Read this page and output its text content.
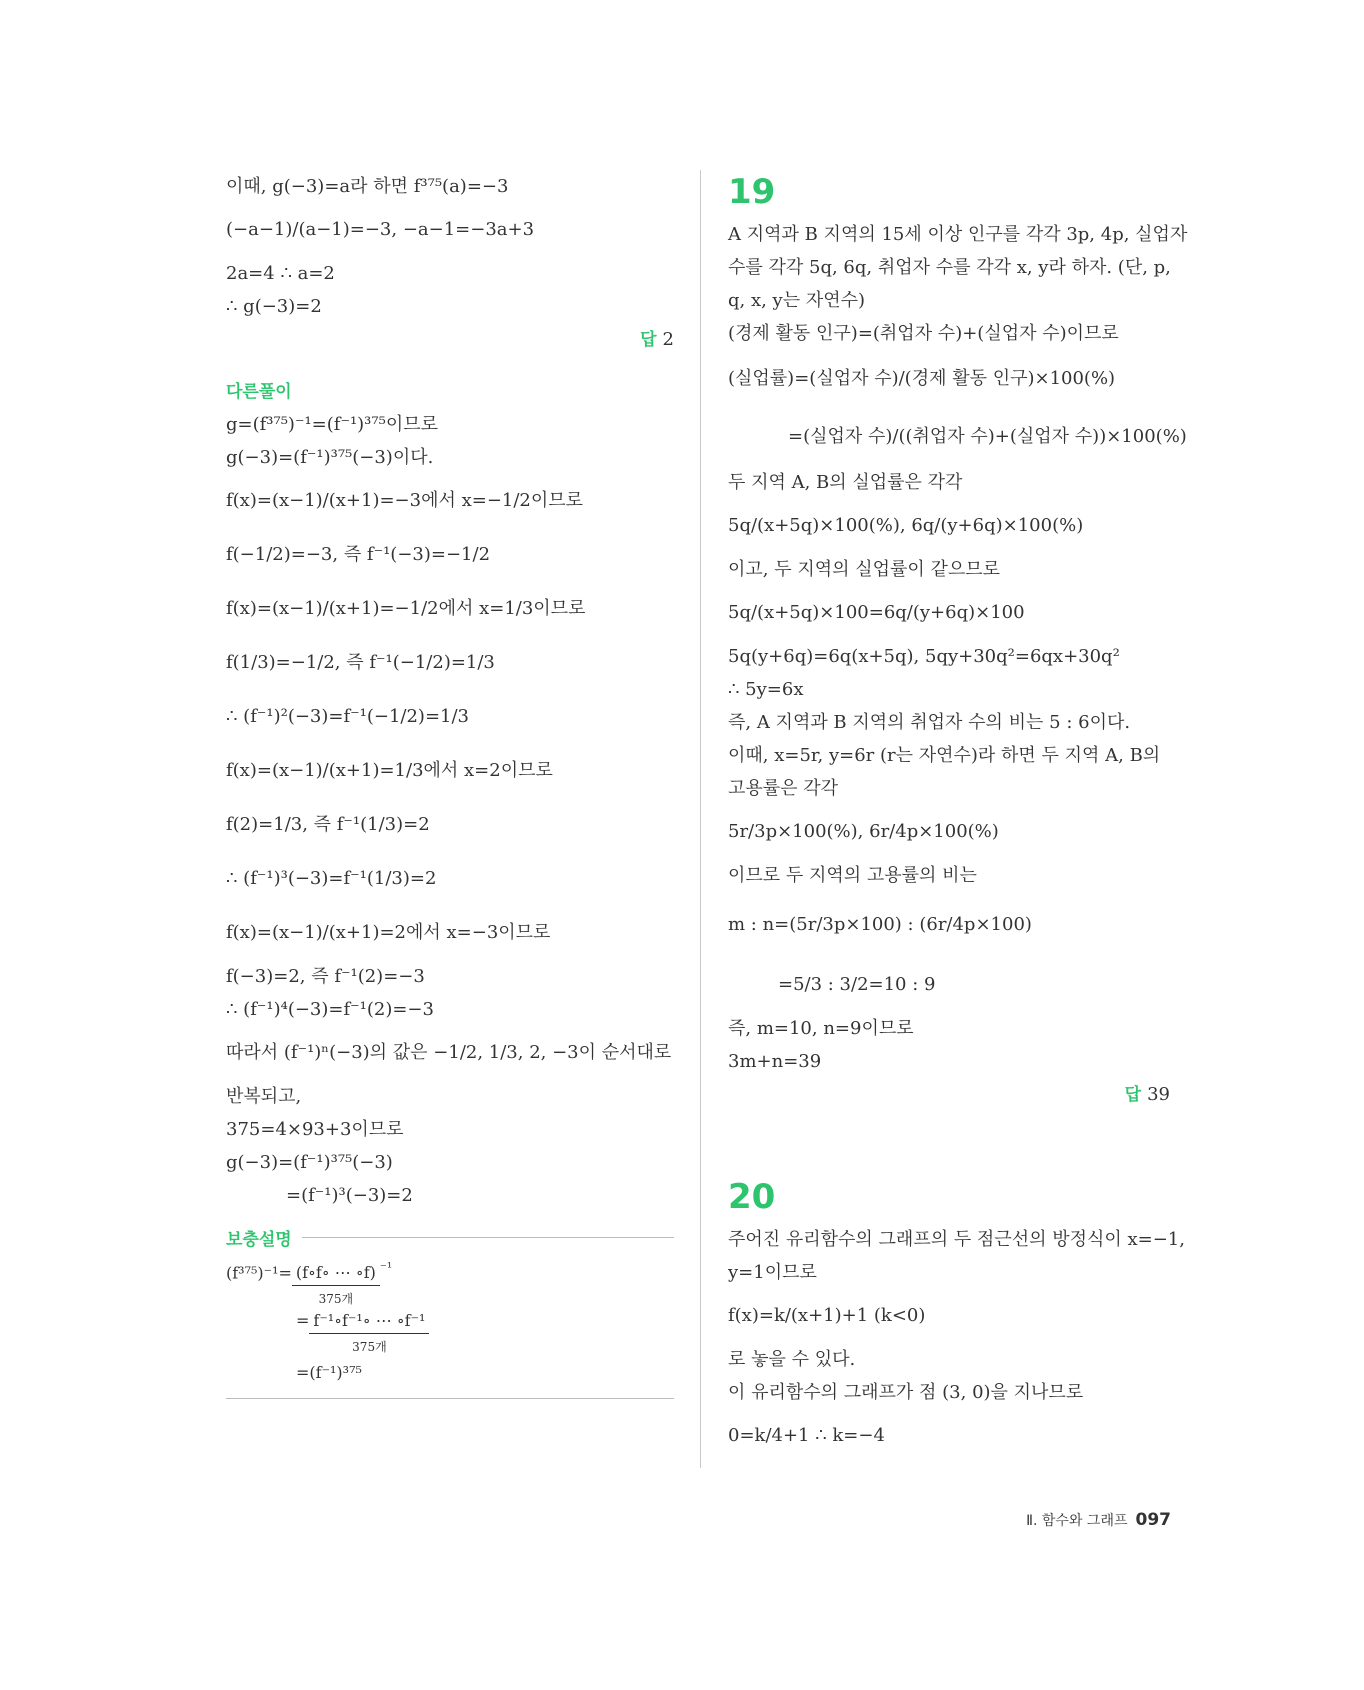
이때, g(−3)=a라 하면 f³⁷⁵(a)=−3
(−a−1)/(a−1)=−3, −a−1=−3a+3
2a=4 ∴ a=2
∴ g(−3)=2
답 2
다른풀이
g=(f³⁷⁵)⁻¹=(f⁻¹)³⁷⁵이므로
g(−3)=(f⁻¹)³⁷⁵(−3)이다.
f(x)=(x−1)/(x+1)=−3에서 x=−1/2이므로
f(−1/2)=−3, 즉 f⁻¹(−3)=−1/2
f(x)=(x−1)/(x+1)=−1/2에서 x=1/3이므로
f(1/3)=−1/2, 즉 f⁻¹(−1/2)=1/3
∴ (f⁻¹)²(−3)=f⁻¹(−1/2)=1/3
f(x)=(x−1)/(x+1)=1/3에서 x=2이므로
f(2)=1/3, 즉 f⁻¹(1/3)=2
∴ (f⁻¹)³(−3)=f⁻¹(1/3)=2
f(x)=(x−1)/(x+1)=2에서 x=−3이므로
f(−3)=2, 즉 f⁻¹(2)=−3
∴ (f⁻¹)⁴(−3)=f⁻¹(2)=−3
따라서 (f⁻¹)ⁿ(−3)의 값은 −1/2, 1/3, 2, −3이 순서대로
반복되고,
375=4×93+3이므로
g(−3)=(f⁻¹)³⁷⁵(−3)
=(f⁻¹)³(−3)=2
보충설명
(f³⁷⁵)⁻¹= (f∘f∘ ⋯ ∘f)
375개
$^{^{-1}}$
= f⁻¹∘f⁻¹∘ ⋯ ∘f⁻¹
375개
=(f⁻¹)³⁷⁵
19
A 지역과 B 지역의 15세 이상 인구를 각각 3p, 4p, 실업자
수를 각각 5q, 6q, 취업자 수를 각각 x, y라 하자. (단, p,
q, x, y는 자연수)
(경제 활동 인구)=(취업자 수)+(실업자 수)이므로
(실업률)=(실업자 수)/(경제 활동 인구)×100(%)
=(실업자 수)/((취업자 수)+(실업자 수))×100(%)
두 지역 A, B의 실업률은 각각
5q/(x+5q)×100(%), 6q/(y+6q)×100(%)
이고, 두 지역의 실업률이 같으므로
5q/(x+5q)×100=6q/(y+6q)×100
5q(y+6q)=6q(x+5q), 5qy+30q²=6qx+30q²
∴ 5y=6x
즉, A 지역과 B 지역의 취업자 수의 비는 5 : 6이다.
이때, x=5r, y=6r (r는 자연수)라 하면 두 지역 A, B의
고용률은 각각
5r/3p×100(%), 6r/4p×100(%)
이므로 두 지역의 고용률의 비는
m : n=(5r/3p×100) : (6r/4p×100)
=5/3 : 3/2=10 : 9
즉, m=10, n=9이므로
3m+n=39
답 39
20
주어진 유리함수의 그래프의 두 점근선의 방정식이 x=−1,
y=1이므로
f(x)=k/(x+1)+1 (k<0)
로 놓을 수 있다.
이 유리함수의 그래프가 점 (3, 0)을 지나므로
0=k/4+1 ∴ k=−4
Ⅱ. 함수와 그래프 097
